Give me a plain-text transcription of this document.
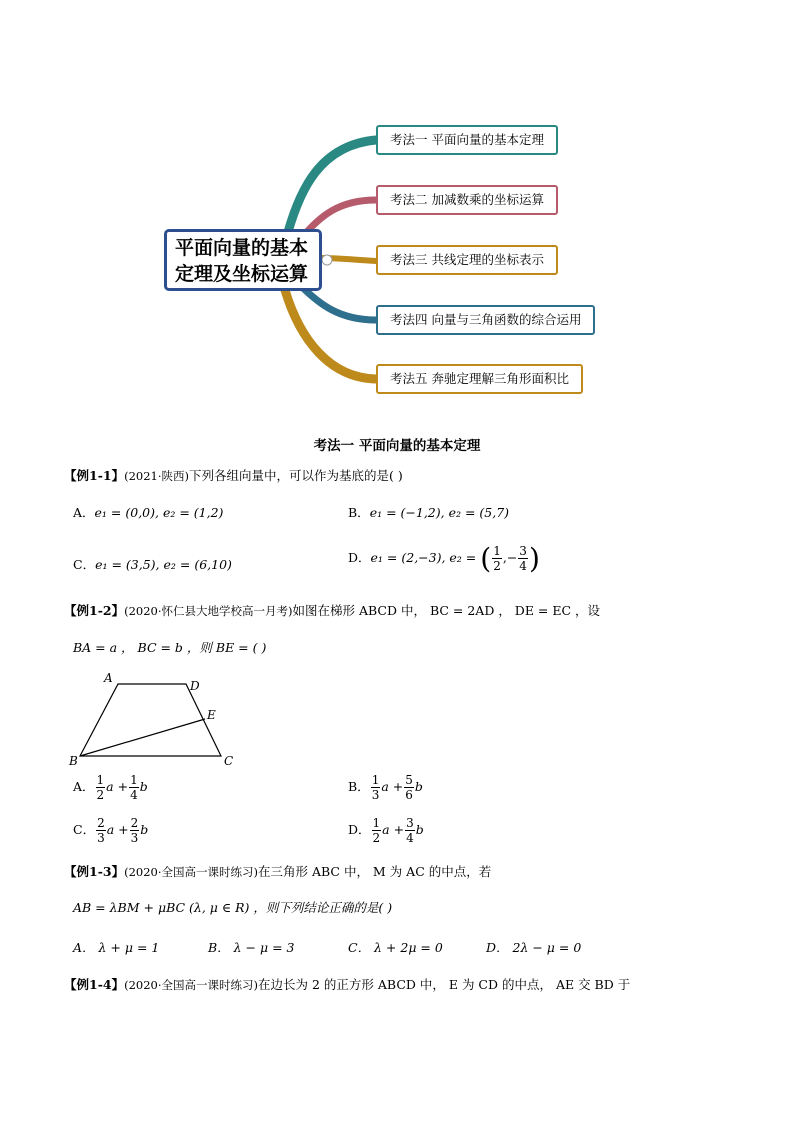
平面向量的基本
定理及坐标运算
考法一 平面向量的基本定理
考法二 加减数乘的坐标运算
考法三 共线定理的坐标表示
考法四 向量与三角函数的综合运用
考法五 奔驰定理解三角形面积比
考法一 平面向量的基本定理
【例1-1】(2021·陕西)下列各组向量中，可以作为基底的是( )
A．e₁ = (0,0), e₂ = (1,2)	B．e₁ = (−1,2), e₂ = (5,7)
C．e₁ = (3,5), e₂ = (6,10)	D．e₁ = (2,−3), e₂ = ( $\frac{1}{2}$ ,− $\frac{3}{4}$ )
【例1-2】(2020·怀仁县大地学校高一月考)如图在梯形 ABCD 中， BC = 2AD ， DE = EC ，设
BA = a ， BC = b ，则 BE = ( )
A
D
E
B	C
A． $\frac{1}{2}$ $a + \frac{1}{4}$ b	B． $\frac{1}{3}$ $a + \frac{5}{6}$ b
C． $\frac{2}{3}$ $a + \frac{2}{3}$ b	D． $\frac{1}{2}$ $a + \frac{3}{4}$ b
【例1-3】(2020·全国高一课时练习)在三角形 ABC 中， M 为 AC 的中点，若
AB = λBM + μBC (λ, μ ∈ R) ，则下列结论正确的是( )
A． λ + μ = 1	B． λ − μ = 3	C． λ + 2μ = 0	D． 2λ − μ = 0
【例1-4】(2020·全国高一课时练习)在边长为 2 的正方形 ABCD 中， E 为 CD 的中点， AE 交 BD 于
